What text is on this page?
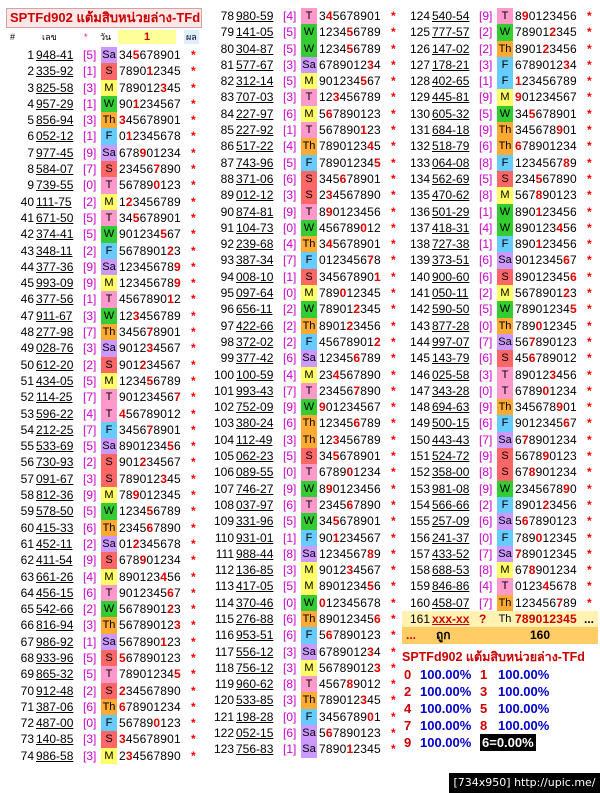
SPTFd902 แต้มสิบหน่วยล่าง-TFd
#	เลข	* วัน	1	ผล
1 948-41 [5] Sa 345678901 *
2 335-92 [1] S 789012345 *
3 825-58 [3] M 789012345 *
4 957-29 [1] W 901234567 *
5 856-94 [3] Th 345678901 *
6 052-12 [1] F 012345678 *
7 977-45 [9] Sa 678901234 *
8 584-07 [7] S 234567890 *
9 739-55 [0] T 567890123 *
40 111-75 [2] M 123456789 *
41 671-50 [5] T 345678901 *
42 374-41 [5] W 901234567 *
43 348-11 [2] F 567890123 *
44 377-36 [9] Sa 123456789 *
45 993-09 [9] M 123456789 *
46 377-56 [1] T 456789012 *
47 911-67 [3] W 123456789 *
48 277-98 [7] Th 345678901 *
49 028-76 [3] Sa 901234567 *
50 612-20 [2] S 901234567 *
51 434-05 [5] M 123456789 *
52 114-25 [7] T 901234567 *
53 596-22 [4] T 456789012 *
54 212-25 [7] F 345678901 *
55 533-69 [5] Sa 890123456 *
56 730-93 [2] S 901234567 *
57 091-67 [3] S 789012345 *
58 812-36 [9] M 789012345 *
59 578-50 [5] W 123456789 *
60 415-33 [6] Th 234567890 *
61 452-11 [2] Sa 012345678 *
62 411-54 [9] S 678901234 *
63 661-26 [4] M 890123456 *
64 456-15 [6] T 901234567 *
65 542-66 [2] W 567890123 *
66 816-94 [3] Th 567890123 *
67 986-92 [1] Sa 567890123 *
68 933-96 [5] S 567890123 *
69 865-32 [5] T 789012345 *
70 912-48 [2] S 234567890 *
71 387-06 [6] Th 678901234 *
72 487-00 [0] F 567890123 *
73 140-85 [3] S 345678901 *
74 986-58 [3] M 234567890 *
78 980-59 [4] T 345678901 *
79 141-05 [5] W 123456789 *
80 304-87 [5] W 123456789 *
81 577-67 [3] Sa 678901234 *
82 312-14 [5] M 901234567 *
83 707-03 [3] T 123456789 *
84 227-97 [6] M 567890123 *
85 227-92 [1] T 567890123 *
86 517-22 [4] Th 789012345 *
87 743-96 [5] F 789012345 *
88 371-06 [6] S 345678901 *
89 012-12 [3] S 234567890 *
90 874-81 [9] T 890123456 *
91 104-73 [0] W 456789012 *
92 239-68 [4] Th 345678901 *
93 387-34 [7] F 012345678 *
94 008-10 [1] S 345678901 *
95 097-64 [0] M 789012345 *
96 656-11 [2] W 789012345 *
97 422-66 [2] Th 890123456 *
98 372-02 [2] F 456789012 *
99 377-42 [6] Sa 123456789 *
100 100-59 [4] M 234567890 *
101 993-43 [7] T 234567890 *
102 752-09 [9] W 901234567 *
103 380-24 [6] Th 123456789 *
104 112-49 [3] Th 123456789 *
105 062-23 [5] S 345678901 *
106 089-55 [0] T 678901234 *
107 746-27 [9] W 890123456 *
108 037-97 [6] T 234567890 *
109 331-96 [5] W 345678901 *
110 931-01 [1] F 901234567 *
111 988-44 [8] Sa 123456789 *
112 136-85 [3] M 901234567 *
113 417-05 [5] M 890123456 *
114 370-46 [0] W 012345678 *
115 276-88 [6] Th 890123456 *
116 953-51 [6] F 567890123 *
117 556-12 [3] Sa 678901234 *
118 756-12 [3] M 567890123 *
119 960-62 [8] T 456789012 *
120 533-85 [3] Th 789012345 *
121 198-28 [0] F 345678901 *
122 052-15 [6] Sa 567890123 *
123 756-83 [1] Sa 789012345 *
124 540-54 [9] T 890123456 *
125 777-57 [2] W 789012345 *
126 147-02 [2] Th 890123456 *
127 178-21 [3] F 678901234 *
128 402-65 [1] F 123456789 *
129 445-81 [9] M 901234567 *
130 605-32 [5] W 345678901 *
131 684-18 [9] Th 345678901 *
132 518-79 [6] Th 678901234 *
133 064-08 [8] F 123456789 *
134 562-69 [5] S 234567890 *
135 470-62 [8] M 567890123 *
136 501-29 [1] W 890123456 *
137 418-31 [4] W 890123456 *
138 727-38 [1] F 890123456 *
139 373-51 [6] Sa 901234567 *
140 900-60 [6] S 890123456 *
141 050-11 [2] M 567890123 *
142 590-50 [5] W 789012345 *
143 877-28 [0] Th 789012345 *
144 997-07 [7] Sa 567890123 *
145 143-79 [6] S 456789012 *
146 025-58 [3] T 890123456 *
147 343-28 [0] T 678901234 *
148 694-63 [9] Th 345678901 *
149 500-15 [6] F 901234567 *
150 443-43 [7] Sa 678901234 *
151 524-72 [9] S 567890123 *
152 358-00 [8] S 678901234 *
153 981-08 [9] W 234567890 *
154 566-66 [2] F 890123456 *
155 257-09 [6] Sa 567890123 *
156 241-37 [0] F 789012345 *
157 433-52 [7] Sa 789012345 *
158 688-53 [8] M 678901234 *
159 846-86 [4] T 012345678 *
160 458-07 [7] Th 123456789 *
161 xxx-xx ?	Th 789012345 ...
... ถูก	160
SPTFd902 แต้มสิบหน่วยล่าง-TFd
0 100.00% 1 100.00%
2 100.00% 3 100.00%
4 100.00% 5 100.00%
7 100.00% 8 100.00%
9 100.00% 6=0.00%
[734x950] http://upic.me/
